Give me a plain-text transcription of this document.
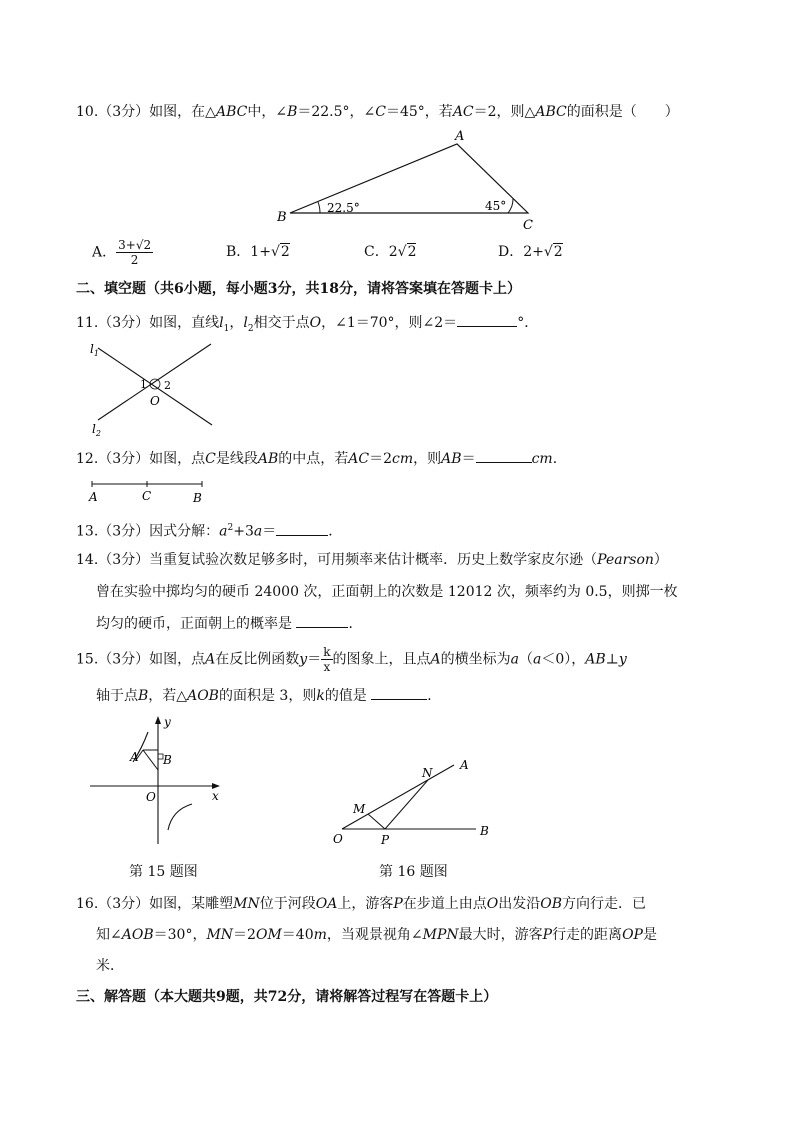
10.（3分）如图，在△ABC中，∠B＝22.5°，∠C＝45°，若AC＝2，则△ABC的面积是（　　）
A
B
C
22.5°	45°
A． $\frac{3+√2}{2}$	B．1+√2	C．2√2	D．2+√2
二、填空题（共6小题，每小题3分，共18分，请将答案填在答题卡上）
11.（3分）如图，直线$l_1$，$l_2$相交于点O，∠1＝70°，则∠2＝	°．
$l_1$
$l_2$
1 2
O
12.（3分）如图，点C是线段AB的中点，若AC＝2cm，则AB＝	cm．
A	C	B
13.（3分）因式分解：$a^2+3a=$	．
14.（3分）当重复试验次数足够多时，可用频率来估计概率．历史上数学家皮尔逊（Pearson）
曾在实验中掷均匀的硬币 24000 次，正面朝上的次数是 12012 次，频率约为 0.5，则掷一枚
均匀的硬币，正面朝上的概率是	．
15.（3分）如图，点A在反比例函数$y= \frac{k}{x}$ 的图象上，且点A的横坐标为a（a＜0），AB⊥y
轴于点B，若△AOB的面积是 3，则k的值是	．
y
x
A B
O
第 15 题图
N
A
M
O	P
B
第 16 题图
16.（3分）如图，某雕塑MN位于河段OA上，游客P在步道上由点O出发沿OB方向行走．已
知∠AOB＝30°，MN＝2OM＝40m，当观景视角∠MPN最大时，游客P行走的距离OP是
米．
三、解答题（本大题共9题，共72分，请将解答过程写在答题卡上）
